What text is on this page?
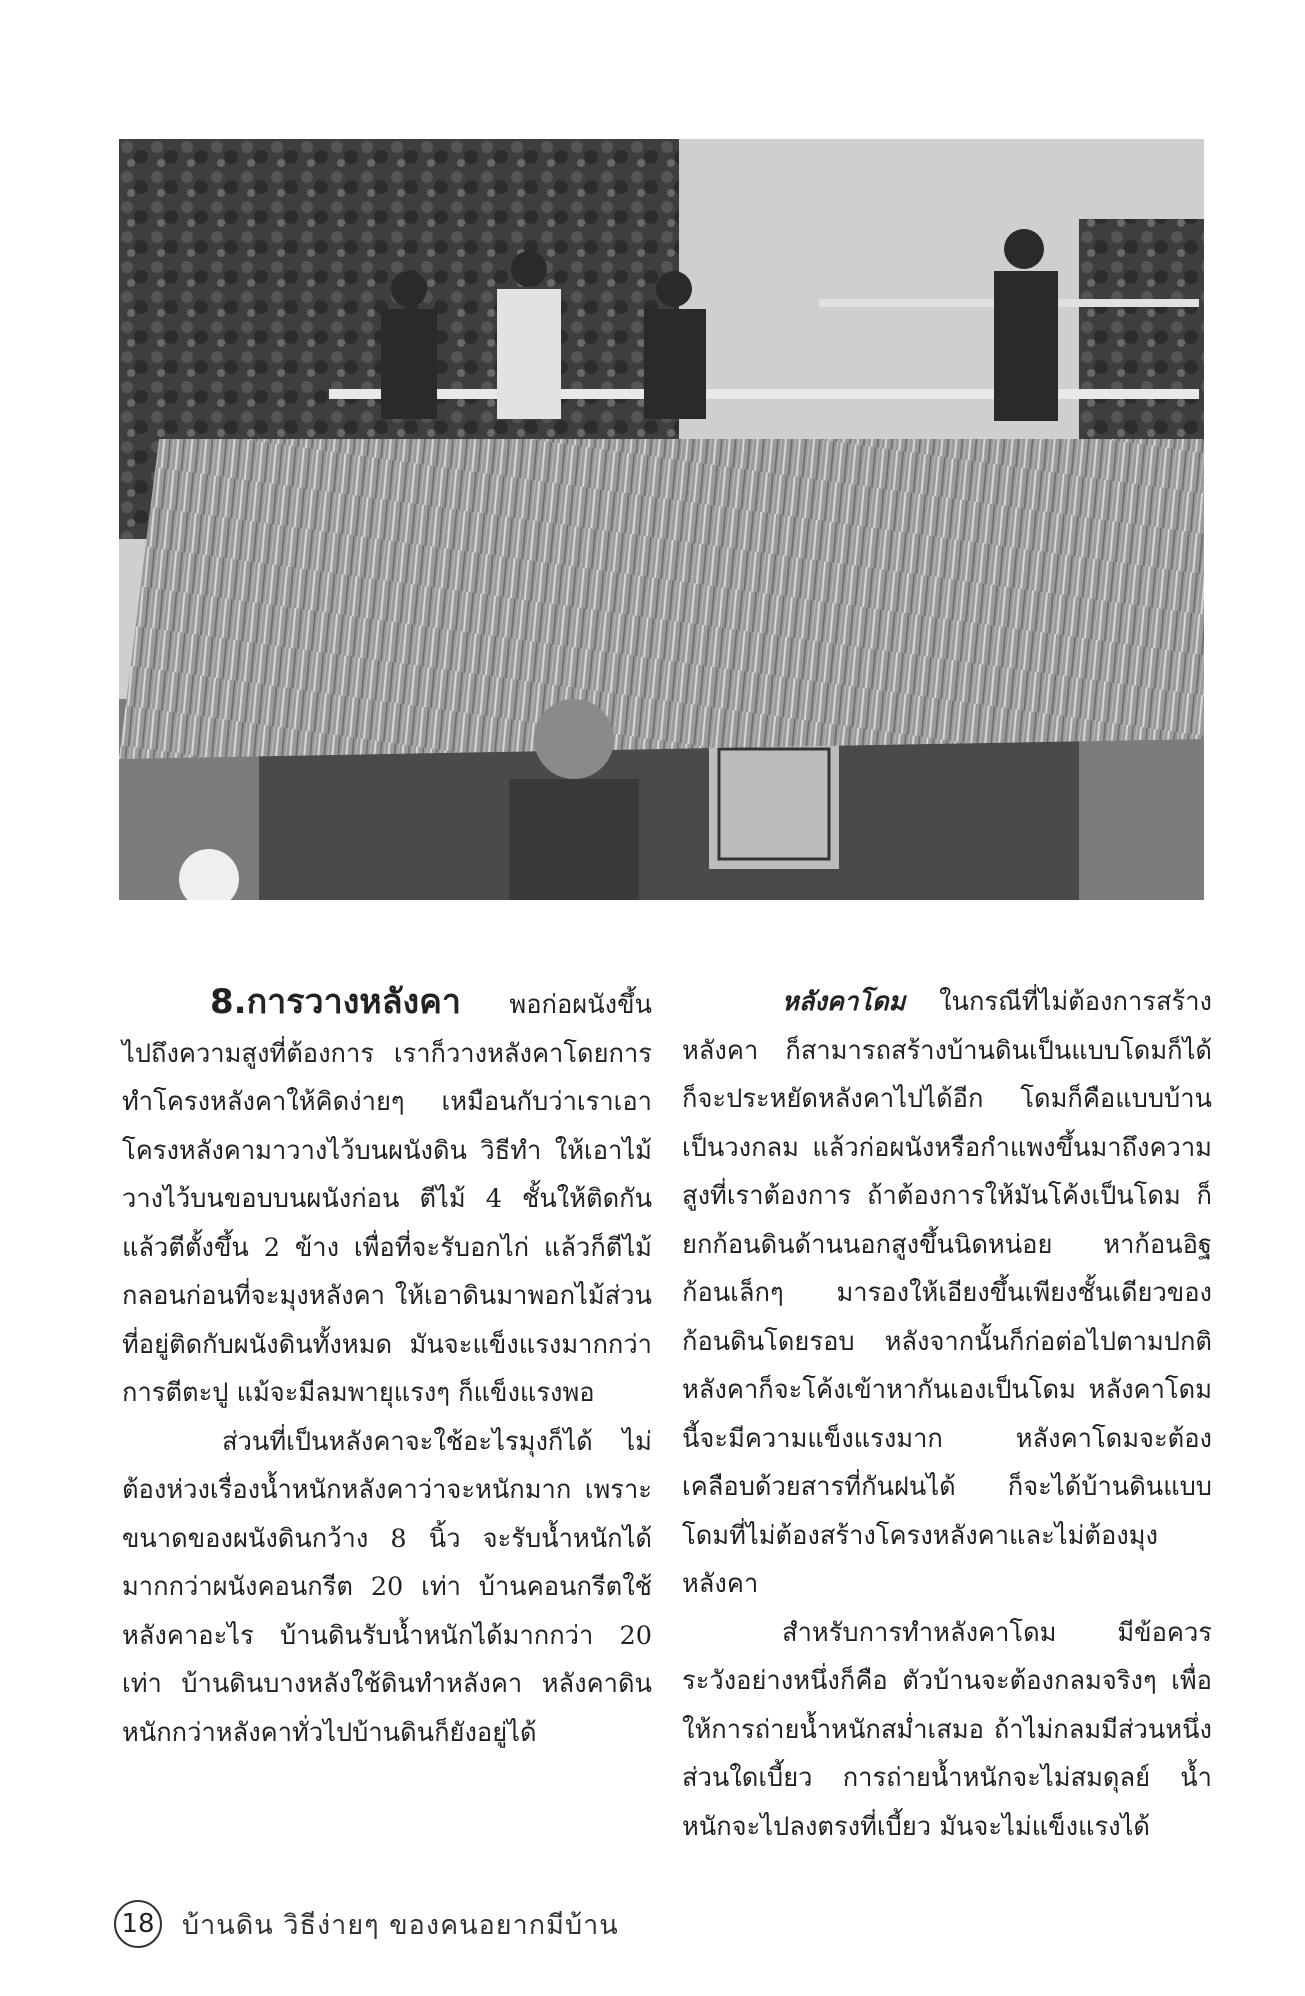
8.การวางหลังคา พอก่อผนังขึ้นไปถึงความสูงที่ต้องการ เราก็วางหลังคาโดยการทำโครงหลังคาให้คิดง่ายๆ เหมือนกับว่าเราเอาโครงหลังคามาวางไว้บนผนังดิน วิธีทำ ให้เอาไม้วางไว้บนขอบบนผนังก่อน ตีไม้ 4 ชั้นให้ติดกัน แล้วตีตั้งขึ้น 2 ข้าง เพื่อที่จะรับอกไก่ แล้วก็ตีไม้กลอนก่อนที่จะมุงหลังคา ให้เอาดินมาพอกไม้ส่วนที่อยู่ติดกับผนังดินทั้งหมด มันจะแข็งแรงมากกว่าการตีตะปู แม้จะมีลมพายุแรงๆ ก็แข็งแรงพอ

ส่วนที่เป็นหลังคาจะใช้อะไรมุงก็ได้ ไม่ต้องห่วงเรื่องน้ำหนักหลังคาว่าจะหนักมาก เพราะขนาดของผนังดินกว้าง 8 นิ้ว จะรับน้ำหนักได้มากกว่าผนังคอนกรีต 20 เท่า บ้านคอนกรีตใช้หลังคาอะไร บ้านดินรับน้ำหนักได้มากกว่า 20 เท่า บ้านดินบางหลังใช้ดินทำหลังคา หลังคาดินหนักกว่าหลังคาทั่วไปบ้านดินก็ยังอยู่ได้

หลังคาโดม ในกรณีที่ไม่ต้องการสร้างหลังคา ก็สามารถสร้างบ้านดินเป็นแบบโดมก็ได้ ก็จะประหยัดหลังคาไปได้อีก โดมก็คือแบบบ้านเป็นวงกลม แล้วก่อผนังหรือกำแพงขึ้นมาถึงความสูงที่เราต้องการ ถ้าต้องการให้มันโค้งเป็นโดม ก็ยกก้อนดินด้านนอกสูงขึ้นนิดหน่อย หาก้อนอิฐก้อนเล็กๆ มารองให้เอียงขึ้นเพียงชั้นเดียวของก้อนดินโดยรอบ หลังจากนั้นก็ก่อต่อไปตามปกติ หลังคาก็จะโค้งเข้าหากันเองเป็นโดม หลังคาโดมนี้จะมีความแข็งแรงมาก หลังคาโดมจะต้องเคลือบด้วยสารที่กันฝนได้ ก็จะได้บ้านดินแบบโดมที่ไม่ต้องสร้างโครงหลังคาและไม่ต้องมุงหลังคา

สำหรับการทำหลังคาโดม มีข้อควรระวังอย่างหนึ่งก็คือ ตัวบ้านจะต้องกลมจริงๆ เพื่อให้การถ่ายน้ำหนักสม่ำเสมอ ถ้าไม่กลมมีส่วนหนึ่งส่วนใดเบี้ยว การถ่ายน้ำหนักจะไม่สมดุลย์ น้ำหนักจะไปลงตรงที่เบี้ยว มันจะไม่แข็งแรงได้

18 บ้านดิน วิธีง่ายๆ ของคนอยากมีบ้าน
